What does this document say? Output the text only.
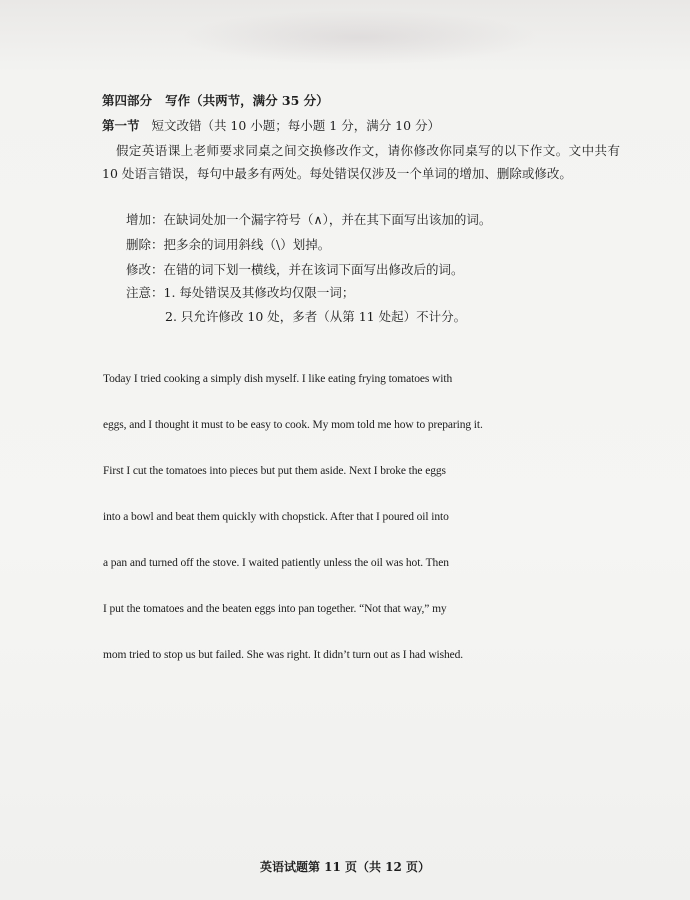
第四部分 写作（共两节，满分 35 分）
第一节 短文改错（共 10 小题；每小题 1 分，满分 10 分）
假定英语课上老师要求同桌之间交换修改作文，请你修改你同桌写的以下作文。文中共有 10 处语言错误，每句中最多有两处。每处错误仅涉及一个单词的增加、删除或修改。
增加：在缺词处加一个漏字符号（∧），并在其下面写出该加的词。
删除：把多余的词用斜线（\）划掉。
修改：在错的词下划一横线，并在该词下面写出修改后的词。
注意：1. 每处错误及其修改均仅限一词；
2. 只允许修改 10 处，多者（从第 11 处起）不计分。
Today I tried cooking a simply dish myself. I like eating frying tomatoes with
eggs, and I thought it must to be easy to cook. My mom told me how to preparing it.
First I cut the tomatoes into pieces but put them aside. Next I broke the eggs
into a bowl and beat them quickly with chopstick. After that I poured oil into
a pan and turned off the stove. I waited patiently unless the oil was hot. Then
I put the tomatoes and the beaten eggs into pan together. “Not that way,” my
mom tried to stop us but failed. She was right. It didn’t turn out as I had wished.
英语试题第 11 页（共 12 页）
